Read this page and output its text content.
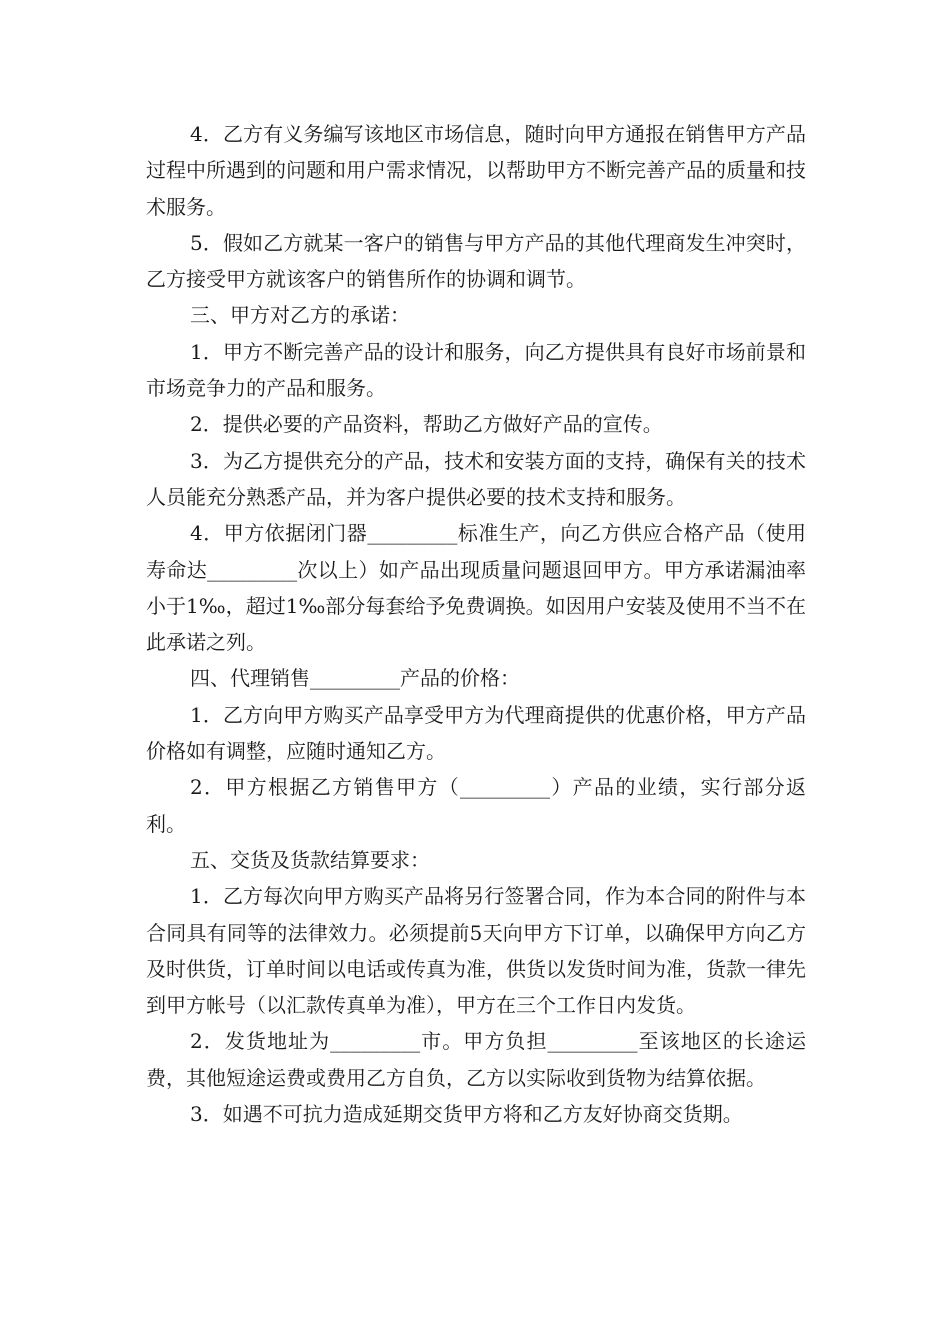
4．乙方有义务编写该地区市场信息，随时向甲方通报在销售甲方产品过程中所遇到的问题和用户需求情况，以帮助甲方不断完善产品的质量和技术服务。

5．假如乙方就某一客户的销售与甲方产品的其他代理商发生冲突时，乙方接受甲方就该客户的销售所作的协调和调节。

三、甲方对乙方的承诺：

1．甲方不断完善产品的设计和服务，向乙方提供具有良好市场前景和市场竞争力的产品和服务。

2．提供必要的产品资料，帮助乙方做好产品的宣传。

3．为乙方提供充分的产品，技术和安装方面的支持，确保有关的技术人员能充分熟悉产品，并为客户提供必要的技术支持和服务。

4．甲方依据闭门器_________标准生产，向乙方供应合格产品（使用寿命达_________次以上）如产品出现质量问题退回甲方。甲方承诺漏油率小于1‰，超过1‰部分每套给予免费调换。如因用户安装及使用不当不在此承诺之列。

四、代理销售_________产品的价格：

1．乙方向甲方购买产品享受甲方为代理商提供的优惠价格，甲方产品价格如有调整，应随时通知乙方。

2．甲方根据乙方销售甲方（_________）产品的业绩，实行部分返利。

五、交货及货款结算要求：

1．乙方每次向甲方购买产品将另行签署合同，作为本合同的附件与本合同具有同等的法律效力。必须提前5天向甲方下订单，以确保甲方向乙方及时供货，订单时间以电话或传真为准，供货以发货时间为准，货款一律先到甲方帐号（以汇款传真单为准），甲方在三个工作日内发货。

2．发货地址为_________市。甲方负担_________至该地区的长途运费，其他短途运费或费用乙方自负，乙方以实际收到货物为结算依据。

3．如遇不可抗力造成延期交货甲方将和乙方友好协商交货期。
